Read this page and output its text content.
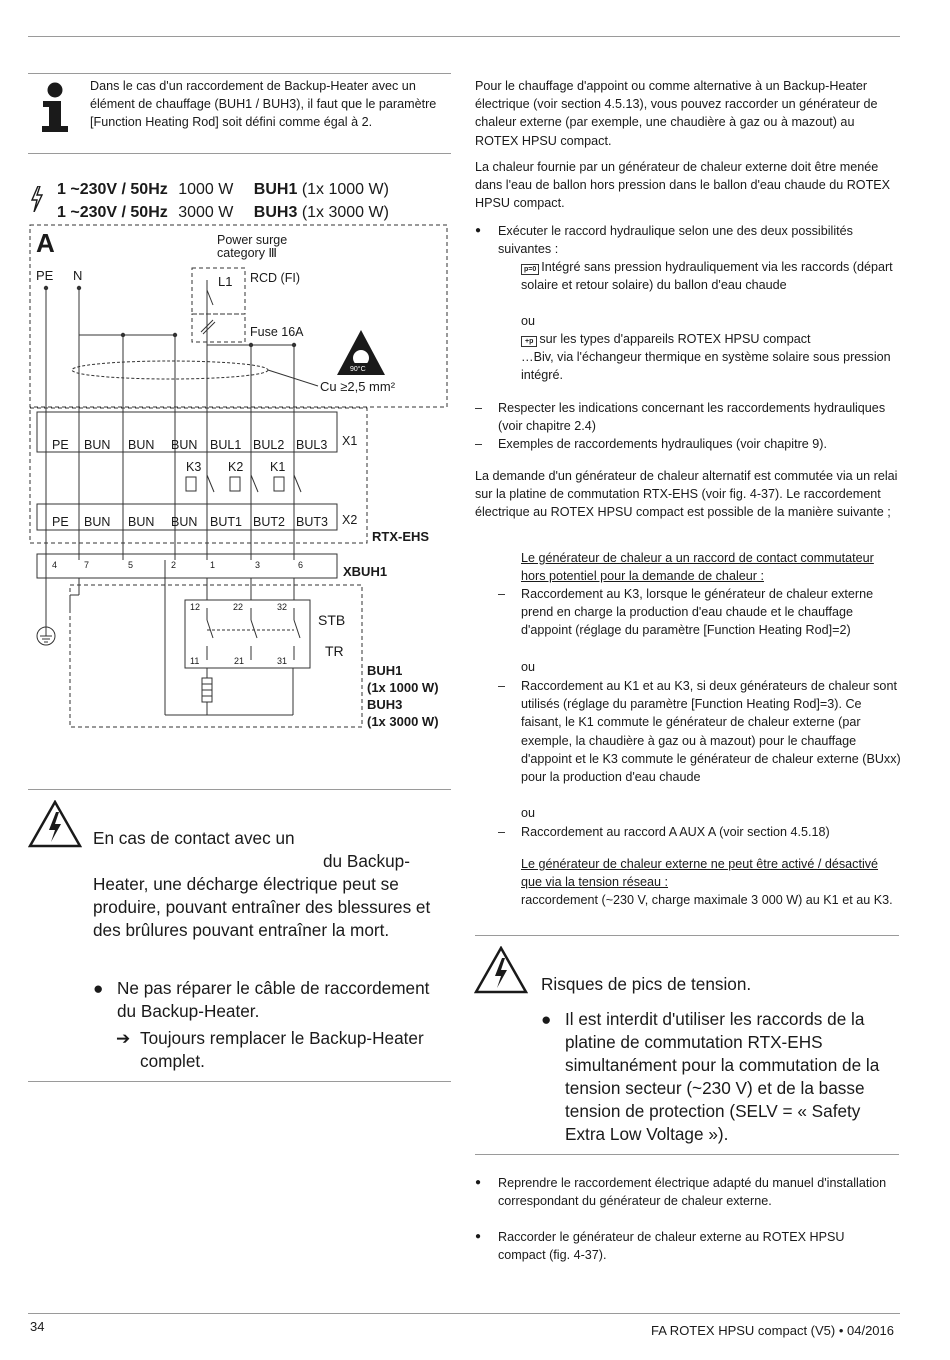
Dans le cas d'un raccordement de Backup-Heater avec un élément de chauffage (BUH1 / BUH3), il faut que le paramètre [Function Heating Rod] soit défini comme égal à 2.
1 ~230V / 50Hz 1000 W BUH1 (1x 1000 W)
1 ~230V / 50Hz 3000 W BUH3 (1x 3000 W)
A
PE N
Power surge
category Ⅲ
L1 RCD (FI)
Fuse 16A
Cu ≥2,5 mm²
90°C
PE BUN BUN BUN BUL1 BUL2 BUL3 X1
K3 K2 K1
PE BUN BUN BUN BUT1 BUT2 BUT3 X2
RTX-EHS
4	7	5	2	1	3	6
12	22	32
11	21	31
XBUH1
STB
TR
BUH1
(1x 1000 W)
BUH3
(1x 3000 W)
En cas de contact avec un
du Backup-
Heater, une décharge électrique peut se produire, pouvant entraîner des blessures et des brûlures pouvant entraîner la mort.
● Ne pas réparer le câble de raccordement du Backup-Heater.
➔ Toujours remplacer le Backup-Heater complet.
Pour le chauffage d'appoint ou comme alternative à un Backup-Heater électrique (voir section 4.5.13), vous pouvez raccorder un générateur de chaleur externe (par exemple, une chaudière à gaz ou à mazout) au ROTEX HPSU compact.
La chaleur fournie par un générateur de chaleur externe doit être menée dans l'eau de ballon hors pression dans le ballon d'eau chaude du ROTEX HPSU compact.
● Exécuter le raccord hydraulique selon une des deux possibilités suivantes :
p=0 Intégré sans pression hydrauliquement via les raccords (départ solaire et retour solaire) du ballon d'eau chaude
ou
+p sur les types d'appareils ROTEX HPSU compact
…Biv, via l'échangeur thermique en système solaire sous pression intégré.
– Respecter les indications concernant les raccordements hydrauliques (voir chapitre 2.4)
– Exemples de raccordements hydrauliques (voir chapitre 9).
La demande d'un générateur de chaleur alternatif est commutée via un relai sur la platine de commutation RTX-EHS (voir fig. 4-37). Le raccordement électrique au ROTEX HPSU compact est possible de la manière suivante ;
Le générateur de chaleur a un raccord de contact commutateur hors potentiel pour la demande de chaleur :
– Raccordement au K3, lorsque le générateur de chaleur externe prend en charge la production d'eau chaude et le chauffage d'appoint (réglage du paramètre [Function Heating Rod]=2)
ou
– Raccordement au K1 et au K3, si deux générateurs de chaleur sont utilisés (réglage du paramètre [Function Heating Rod]=3). Ce faisant, le K1 commute le générateur de chaleur externe (par exemple, la chaudière à gaz ou à mazout) pour le chauffage d'appoint et le K3 commute le générateur de chaleur externe (BUxx) pour la production d'eau chaude
ou
– Raccordement au raccord A AUX A (voir section 4.5.18)
Le générateur de chaleur externe ne peut être activé / désactivé que via la tension réseau :
raccordement (~230 V, charge maximale 3 000 W) au K1 et au K3.
Risques de pics de tension.
● Il est interdit d'utiliser les raccords de la platine de commutation RTX-EHS simultanément pour la commutation de la tension secteur (~230 V) et de la basse tension de protection (SELV = « Safety Extra Low Voltage »).
● Reprendre le raccordement électrique adapté du manuel d'installation correspondant du générateur de chaleur externe.
● Raccorder le générateur de chaleur externe au ROTEX HPSU compact (fig. 4-37).
34	FA ROTEX HPSU compact (V5) • 04/2016
